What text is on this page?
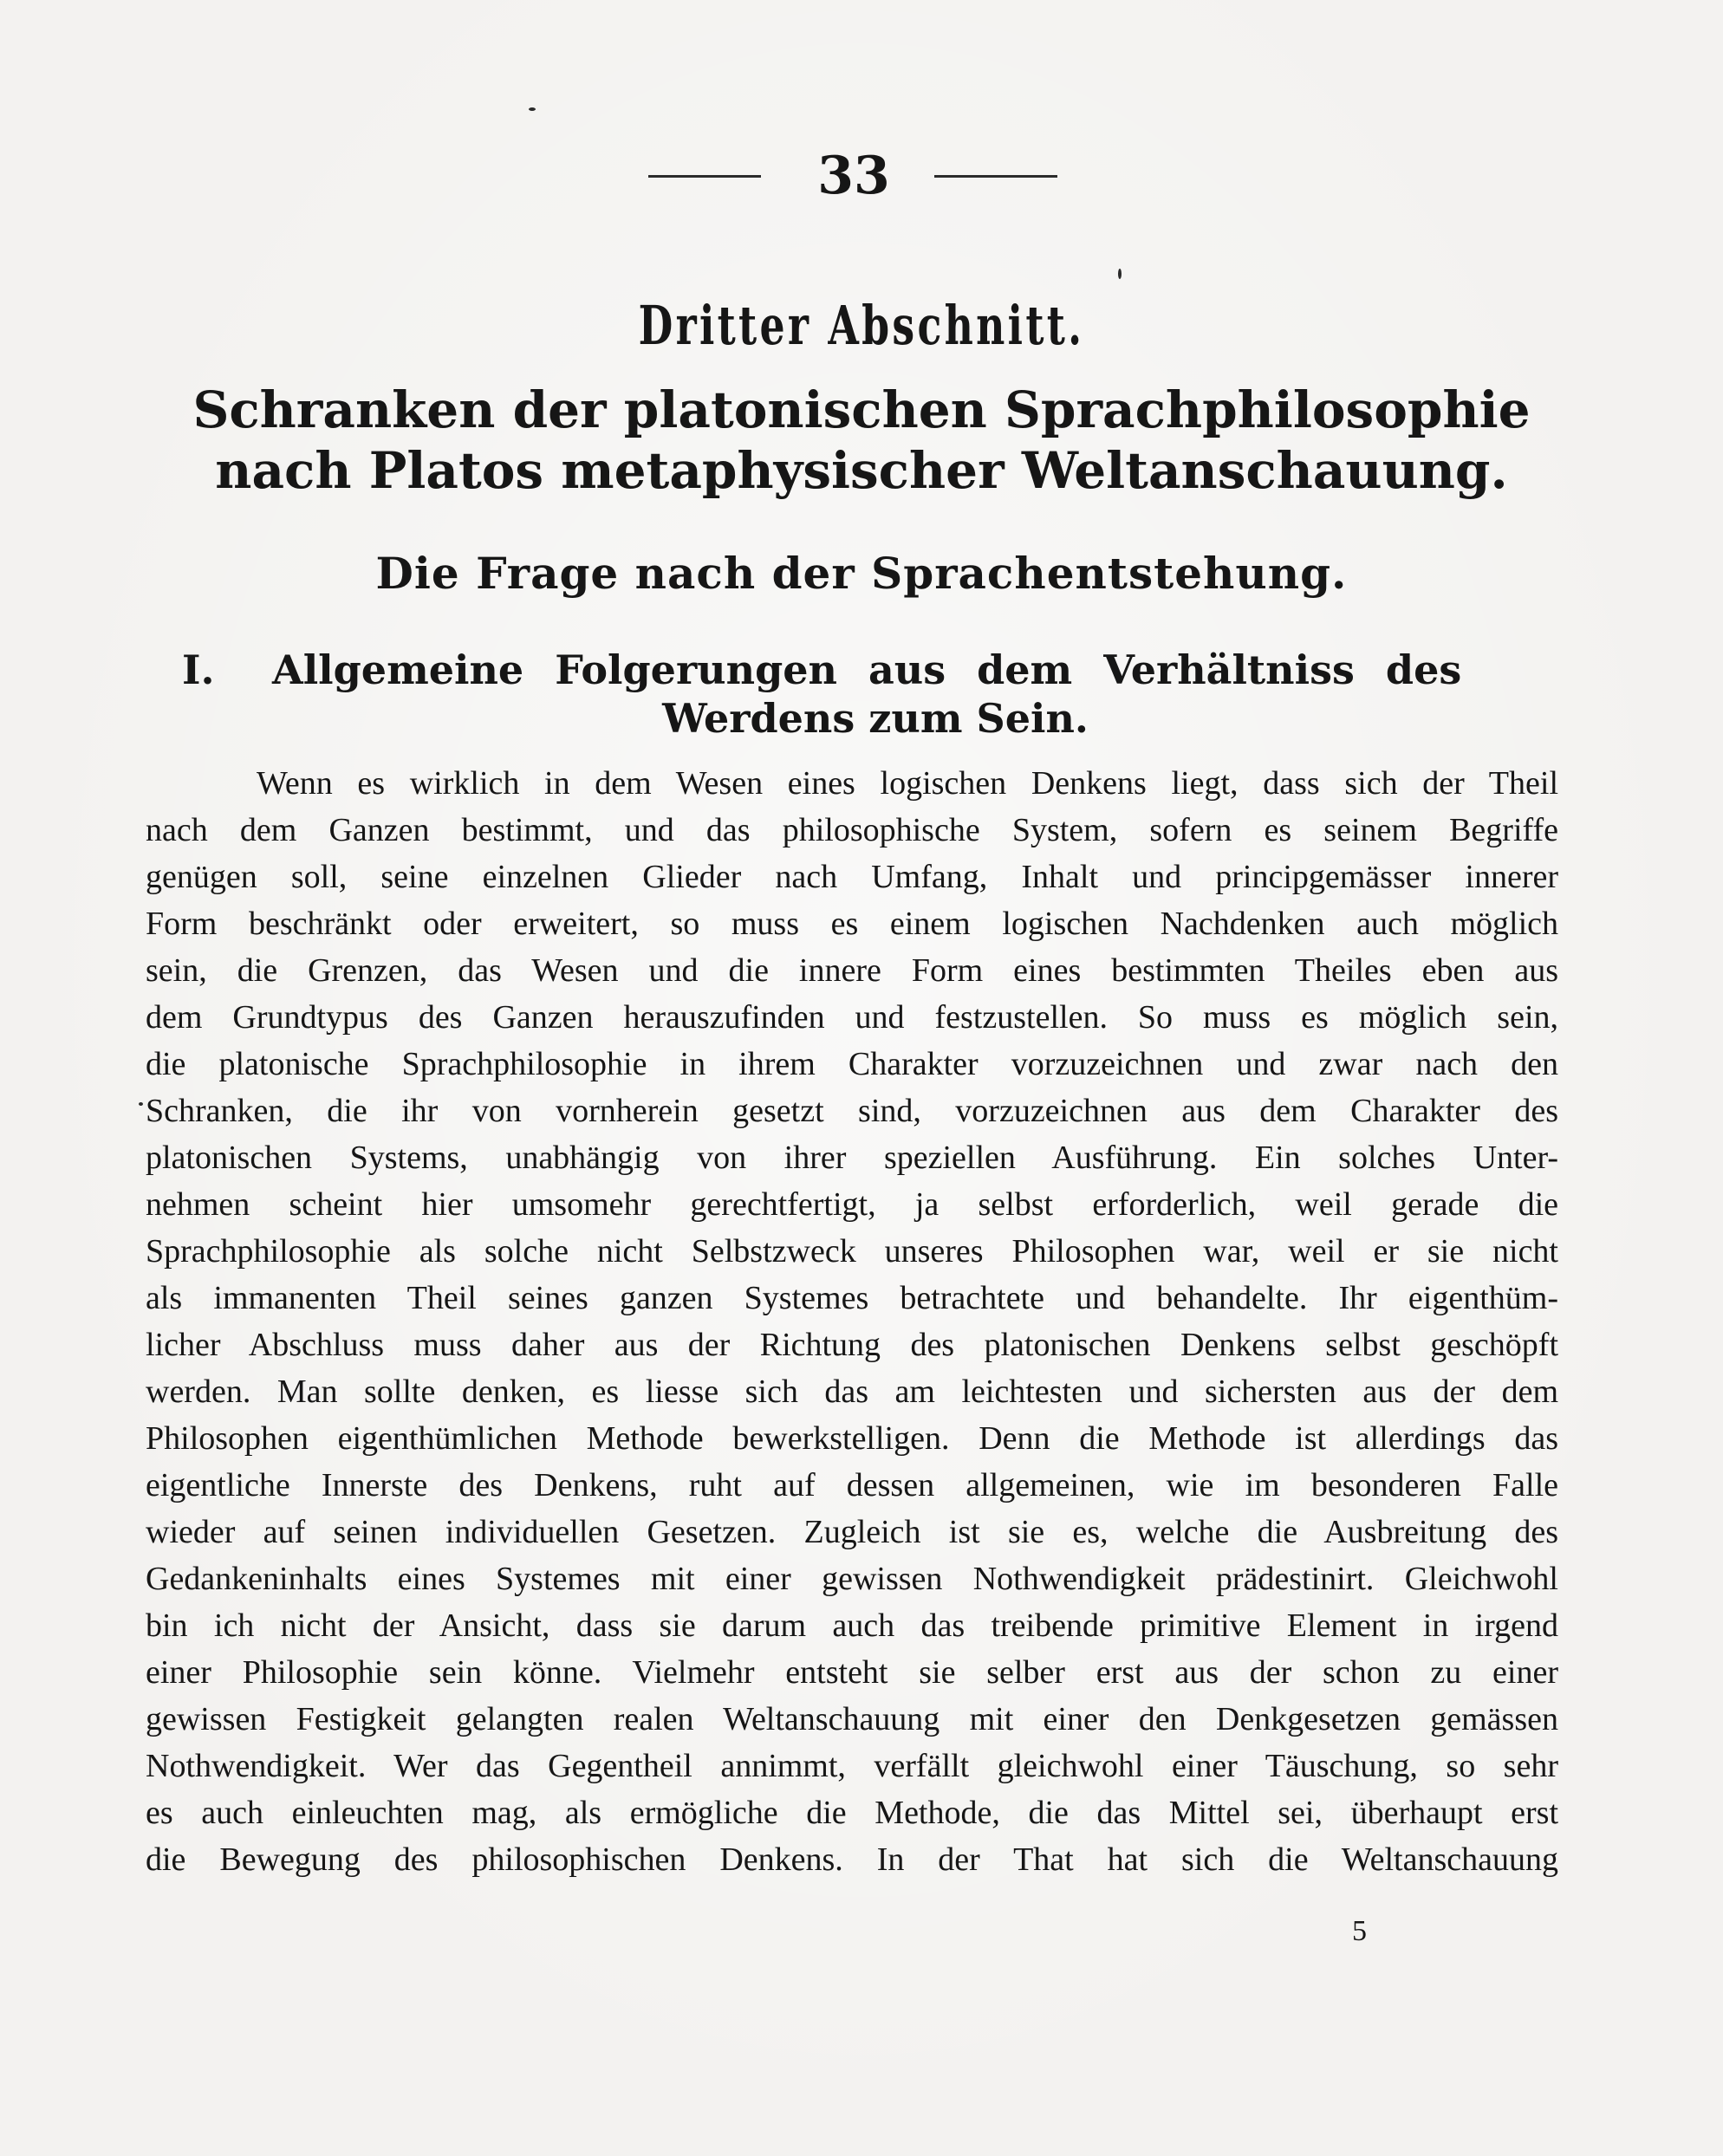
33
Dritter Abschnitt.
Schranken der platonischen Sprachphilosophie nach Platos metaphysischer Weltanschauung.
Die Frage nach der Sprachentstehung.
I. Allgemeine Folgerungen aus dem Verhältniss des
Werdens zum Sein.
Wenn es wirklich in dem Wesen eines logischen Denkens liegt, dass sich der Theil
nach dem Ganzen bestimmt, und das philosophische System, sofern es seinem Begriffe
genügen soll, seine einzelnen Glieder nach Umfang, Inhalt und principgemässer innerer
Form beschränkt oder erweitert, so muss es einem logischen Nachdenken auch möglich
sein, die Grenzen, das Wesen und die innere Form eines bestimmten Theiles eben aus
dem Grundtypus des Ganzen herauszufinden und festzustellen. So muss es möglich sein,
die platonische Sprachphilosophie in ihrem Charakter vorzuzeichnen und zwar nach den
Schranken, die ihr von vornherein gesetzt sind, vorzuzeichnen aus dem Charakter des
platonischen Systems, unabhängig von ihrer speziellen Ausführung. Ein solches Unter-
nehmen scheint hier umsomehr gerechtfertigt, ja selbst erforderlich, weil gerade die
Sprachphilosophie als solche nicht Selbstzweck unseres Philosophen war, weil er sie nicht
als immanenten Theil seines ganzen Systemes betrachtete und behandelte. Ihr eigenthüm-
licher Abschluss muss daher aus der Richtung des platonischen Denkens selbst geschöpft
werden. Man sollte denken, es liesse sich das am leichtesten und sichersten aus der dem
Philosophen eigenthümlichen Methode bewerkstelligen. Denn die Methode ist allerdings das
eigentliche Innerste des Denkens, ruht auf dessen allgemeinen, wie im besonderen Falle
wieder auf seinen individuellen Gesetzen. Zugleich ist sie es, welche die Ausbreitung des
Gedankeninhalts eines Systemes mit einer gewissen Nothwendigkeit prädestinirt. Gleichwohl
bin ich nicht der Ansicht, dass sie darum auch das treibende primitive Element in irgend
einer Philosophie sein könne. Vielmehr entsteht sie selber erst aus der schon zu einer
gewissen Festigkeit gelangten realen Weltanschauung mit einer den Denkgesetzen gemässen
Nothwendigkeit. Wer das Gegentheil annimmt, verfällt gleichwohl einer Täuschung, so sehr
es auch einleuchten mag, als ermögliche die Methode, die das Mittel sei, überhaupt erst
die Bewegung des philosophischen Denkens. In der That hat sich die Weltanschauung
5
